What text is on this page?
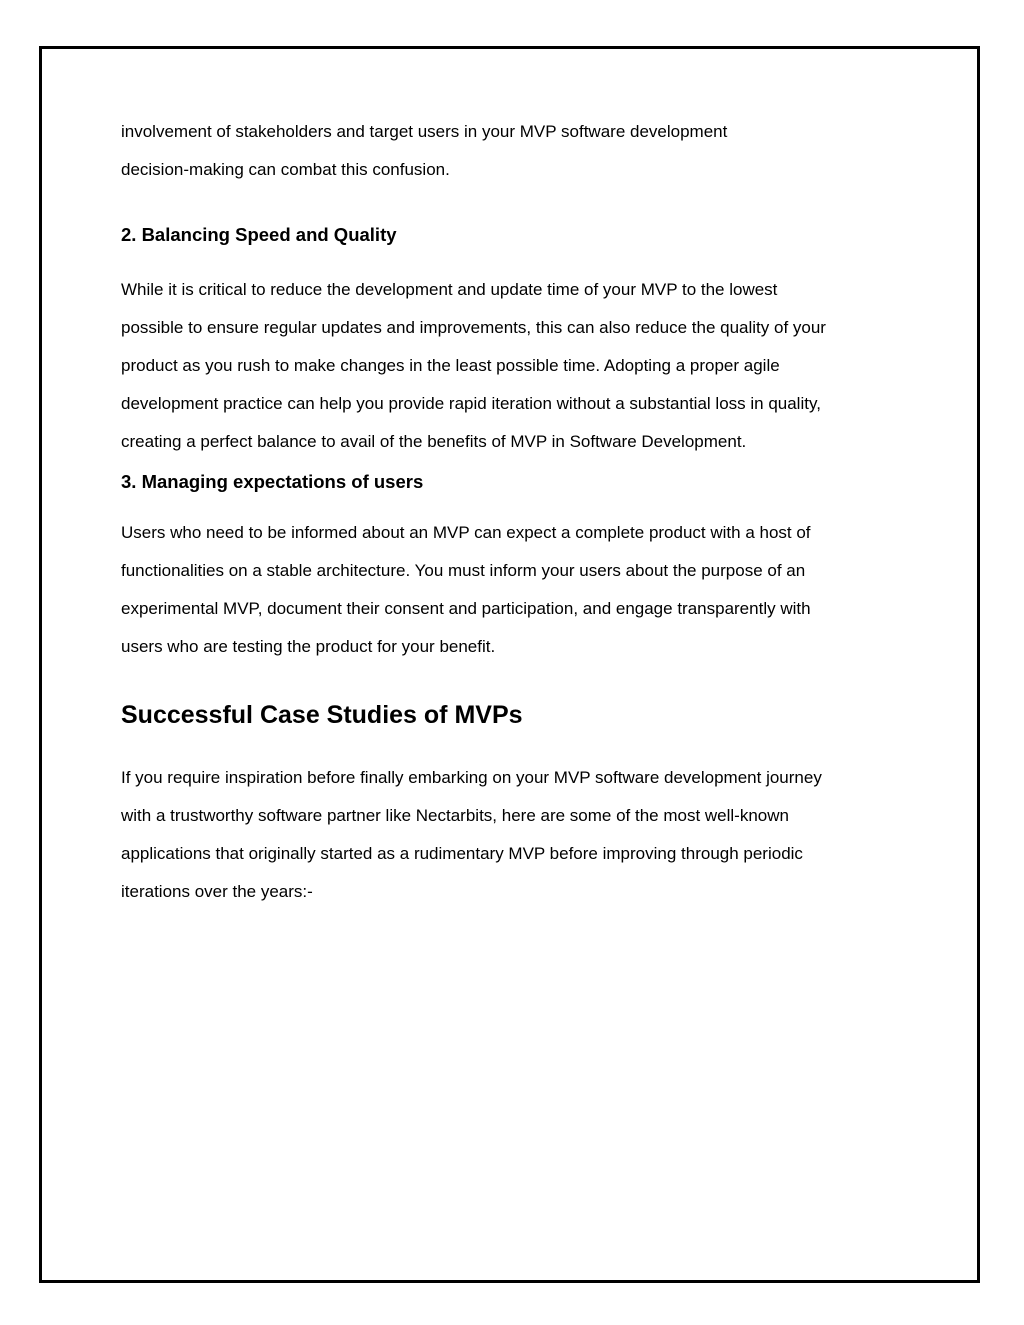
involvement of stakeholders and target users in your MVP software development
decision-making can combat this confusion.
2. Balancing Speed and Quality
While it is critical to reduce the development and update time of your MVP to the lowest
possible to ensure regular updates and improvements, this can also reduce the quality of your
product as you rush to make changes in the least possible time. Adopting a proper agile
development practice can help you provide rapid iteration without a substantial loss in quality,
creating a perfect balance to avail of the benefits of MVP in Software Development.
3. Managing expectations of users
Users who need to be informed about an MVP can expect a complete product with a host of
functionalities on a stable architecture. You must inform your users about the purpose of an
experimental MVP, document their consent and participation, and engage transparently with
users who are testing the product for your benefit.
Successful Case Studies of MVPs
If you require inspiration before finally embarking on your MVP software development journey
with a trustworthy software partner like Nectarbits, here are some of the most well-known
applications that originally started as a rudimentary MVP before improving through periodic
iterations over the years:-
